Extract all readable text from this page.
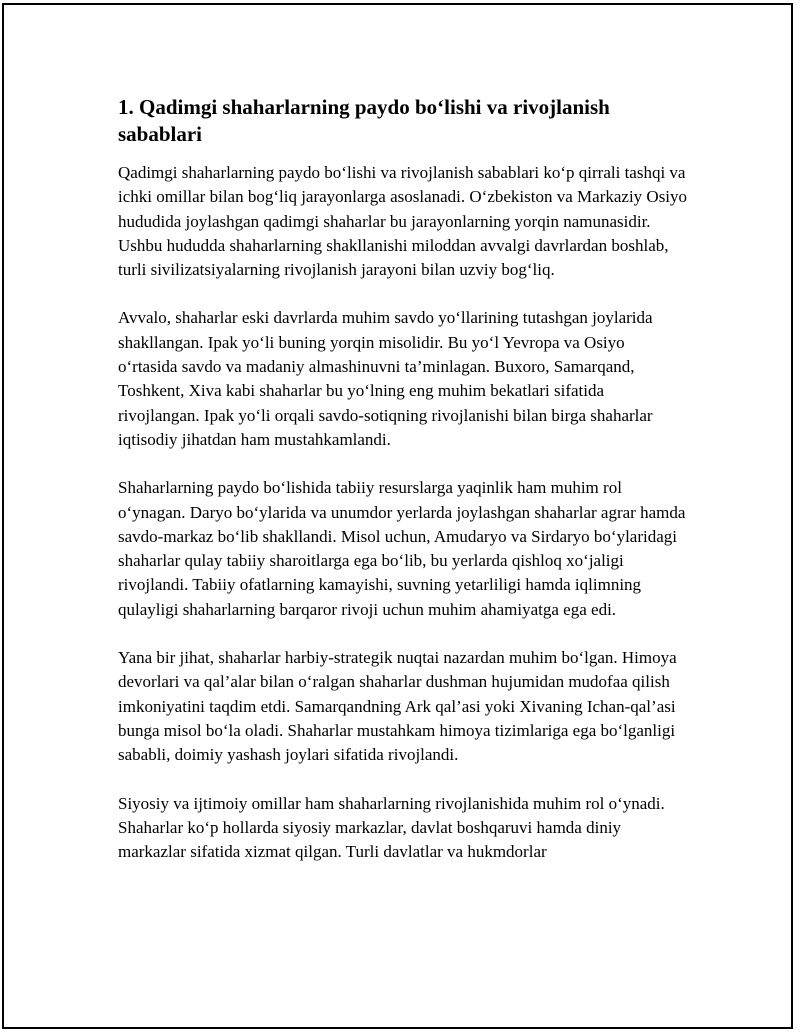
1. Qadimgi shaharlarning paydo bo‘lishi va rivojlanish sabablari

Qadimgi shaharlarning paydo bo‘lishi va rivojlanish sabablari ko‘p qirrali tashqi va ichki omillar bilan bog‘liq jarayonlarga asoslanadi. O‘zbekiston va Markaziy Osiyo hududida joylashgan qadimgi shaharlar bu jarayonlarning yorqin namunasidir. Ushbu hududda shaharlarning shakllanishi miloddan avvalgi davrlardan boshlab, turli sivilizatsiyalarning rivojlanish jarayoni bilan uzviy bog‘liq.

Avvalo, shaharlar eski davrlarda muhim savdo yo‘llarining tutashgan joylarida shakllangan. Ipak yo‘li buning yorqin misolidir. Bu yo‘l Yevropa va Osiyo o‘rtasida savdo va madaniy almashinuvni ta’minlagan. Buxoro, Samarqand, Toshkent, Xiva kabi shaharlar bu yo‘lning eng muhim bekatlari sifatida rivojlangan. Ipak yo‘li orqali savdo-sotiqning rivojlanishi bilan birga shaharlar iqtisodiy jihatdan ham mustahkamlandi.

Shaharlarning paydo bo‘lishida tabiiy resurslarga yaqinlik ham muhim rol o‘ynagan. Daryo bo‘ylarida va unumdor yerlarda joylashgan shaharlar agrar hamda savdo-markaz bo‘lib shakllandi. Misol uchun, Amudaryo va Sirdaryo bo‘ylaridagi shaharlar qulay tabiiy sharoitlarga ega bo‘lib, bu yerlarda qishloq xo‘jaligi rivojlandi. Tabiiy ofatlarning kamayishi, suvning yetarliligi hamda iqlimning qulayligi shaharlarning barqaror rivoji uchun muhim ahamiyatga ega edi.

Yana bir jihat, shaharlar harbiy-strategik nuqtai nazardan muhim bo‘lgan. Himoya devorlari va qal’alar bilan o‘ralgan shaharlar dushman hujumidan mudofaa qilish imkoniyatini taqdim etdi. Samarqandning Ark qal’asi yoki Xivaning Ichan-qal’asi bunga misol bo‘la oladi. Shaharlar mustahkam himoya tizimlariga ega bo‘lganligi sababli, doimiy yashash joylari sifatida rivojlandi.

Siyosiy va ijtimoiy omillar ham shaharlarning rivojlanishida muhim rol o‘ynadi. Shaharlar ko‘p hollarda siyosiy markazlar, davlat boshqaruvi hamda diniy markazlar sifatida xizmat qilgan. Turli davlatlar va hukmdorlar
